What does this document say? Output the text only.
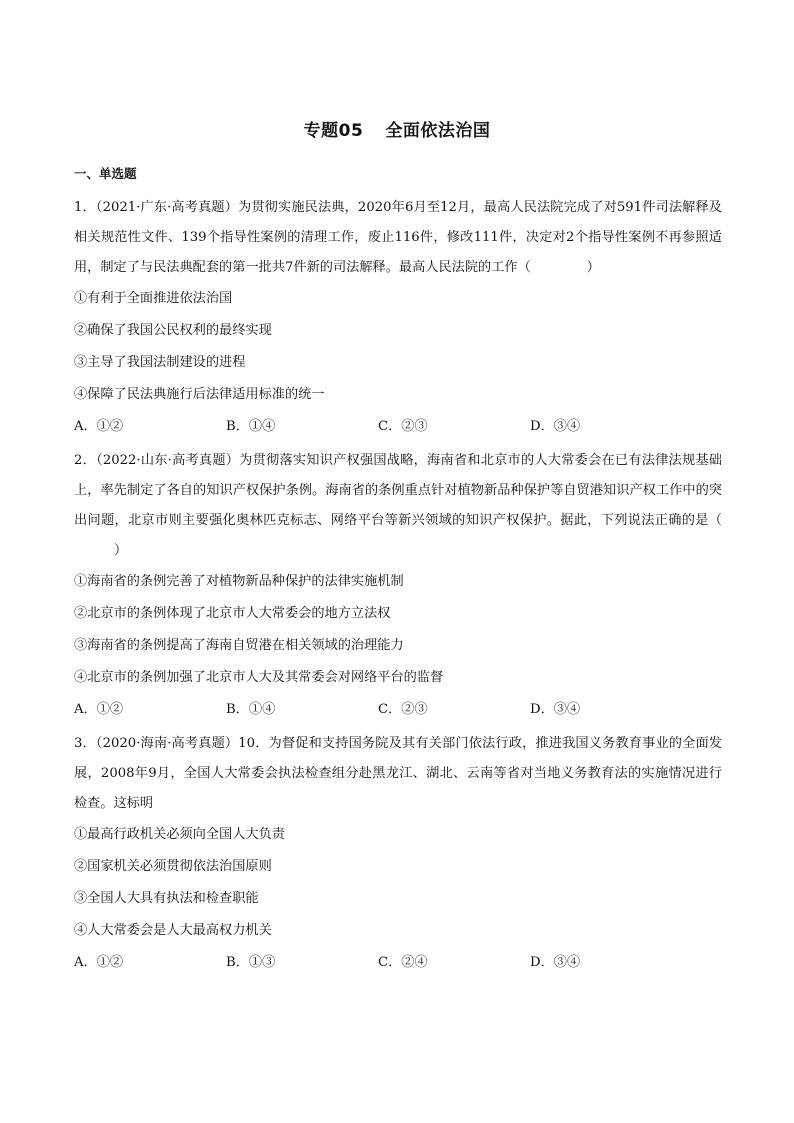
专题05 全面依法治国
一、单选题
1．（2021·广东·高考真题）为贯彻实施民法典，2020年6月至12月，最高人民法院完成了对591件司法解释及相关规范性文件、139个指导性案例的清理工作，废止116件，修改111件，决定对2个指导性案例不再参照适用，制定了与民法典配套的第一批共7件新的司法解释。最高人民法院的工作（	）
①有利于全面推进依法治国
②确保了我国公民权利的最终实现
③主导了我国法制建设的进程
④保障了民法典施行后法律适用标准的统一
A．①②	B．①④	C．②③	D．③④
2．（2022·山东·高考真题）为贯彻落实知识产权强国战略，海南省和北京市的人大常委会在已有法律法规基础上，率先制定了各自的知识产权保护条例。海南省的条例重点针对植物新品种保护等自贸港知识产权工作中的突出问题，北京市则主要强化奥林匹克标志、网络平台等新兴领域的知识产权保护。据此，下列说法正确的是（）
①海南省的条例完善了对植物新品种保护的法律实施机制
②北京市的条例体现了北京市人大常委会的地方立法权
③海南省的条例提高了海南自贸港在相关领域的治理能力
④北京市的条例加强了北京市人大及其常委会对网络平台的监督
A．①②	B．①④	C．②③	D．③④
3．（2020·海南·高考真题）10．为督促和支持国务院及其有关部门依法行政，推进我国义务教育事业的全面发展，2008年9月，全国人大常委会执法检查组分赴黑龙江、湖北、云南等省对当地义务教育法的实施情况进行检查。这标明
①最高行政机关必须向全国人大负责
②国家机关必须贯彻依法治国原则
③全国人大具有执法和检查职能
④人大常委会是人大最高权力机关
A．①②	B．①③	C．②④	D．③④
